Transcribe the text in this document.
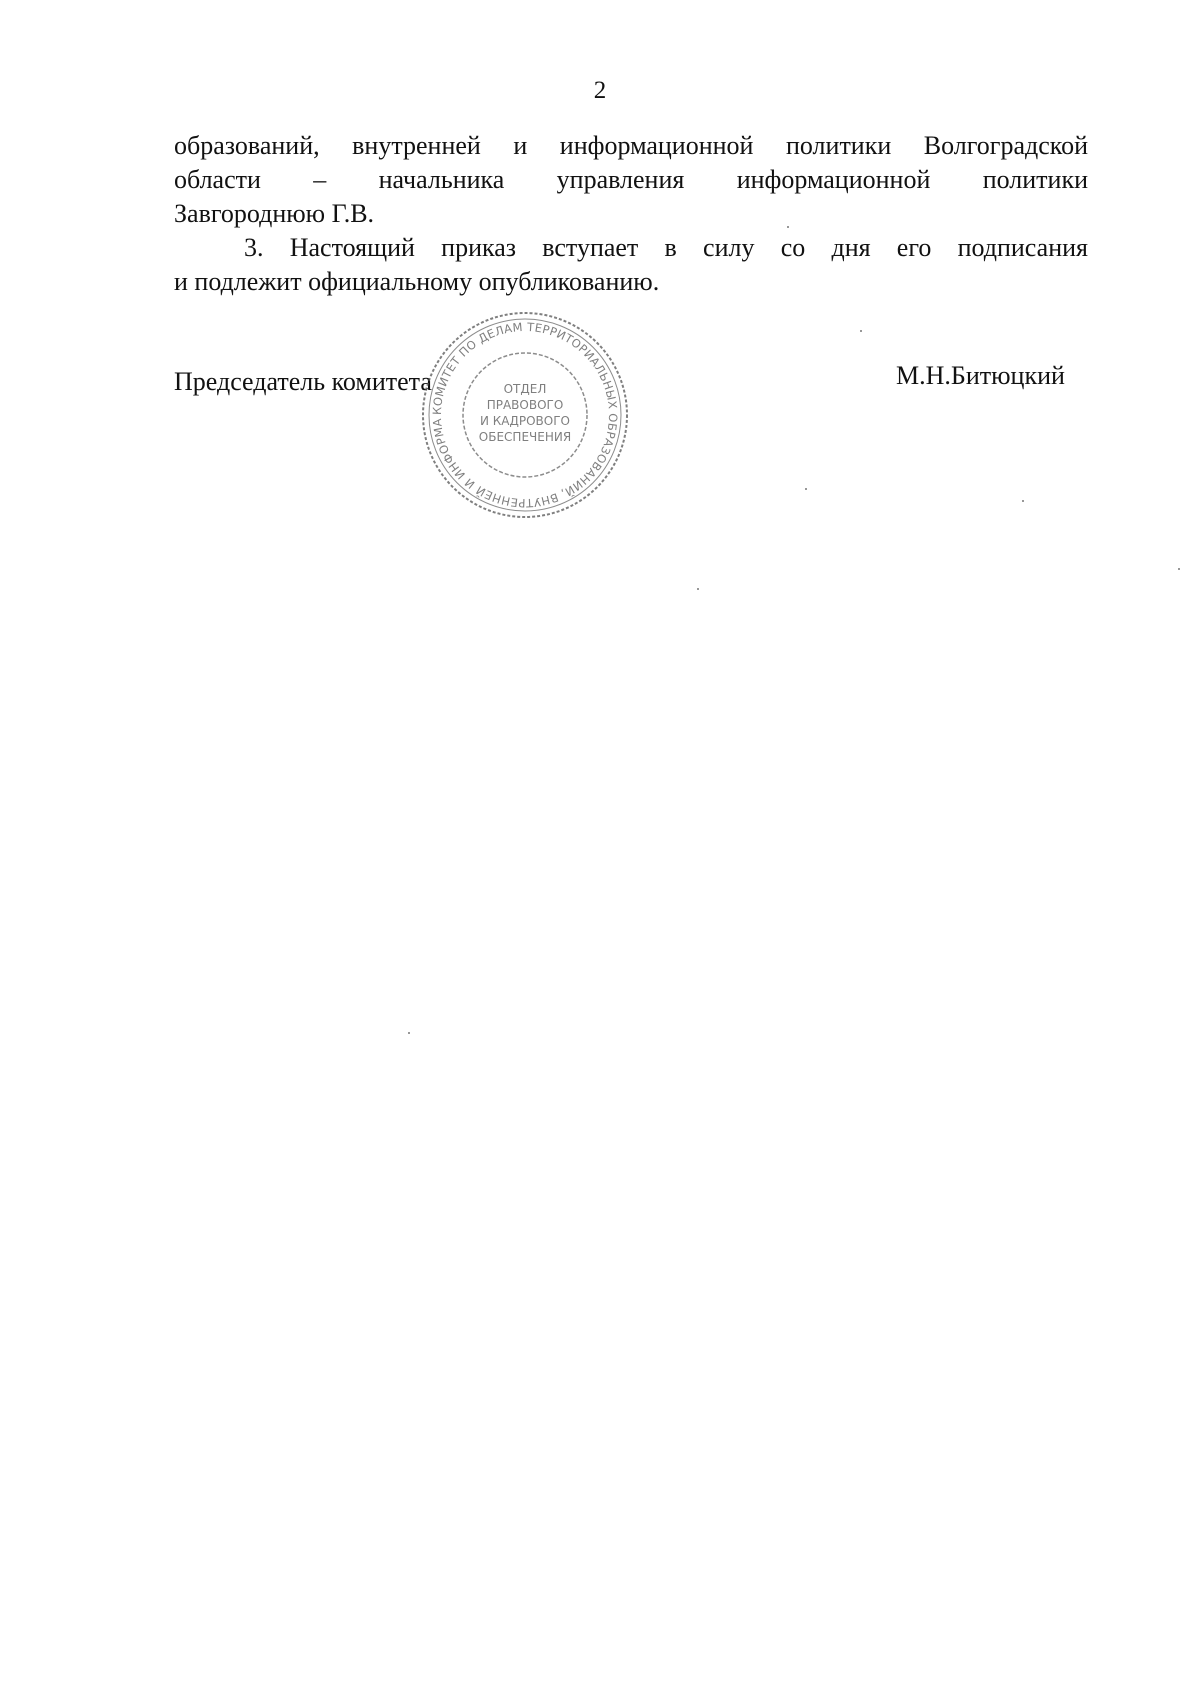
2
образований, внутренней и информационной политики Волгоградской
области – начальника управления информационной политики
Завгороднюю Г.В.
3. Настоящий приказ вступает в силу со дня его подписания
и подлежит официальному опубликованию.
Председатель комитета
КОМИТЕТ ПО ДЕЛАМ ТЕРРИТОРИАЛЬНЫХ ОБРАЗОВАНИЙ, ВНУТРЕННЕЙ И ИНФОРМА
ОТДЕЛ
ПРАВОВОГО
И КАДРОВОГО
ОБЕСПЕЧЕНИЯ
М.Н.Битюцкий
